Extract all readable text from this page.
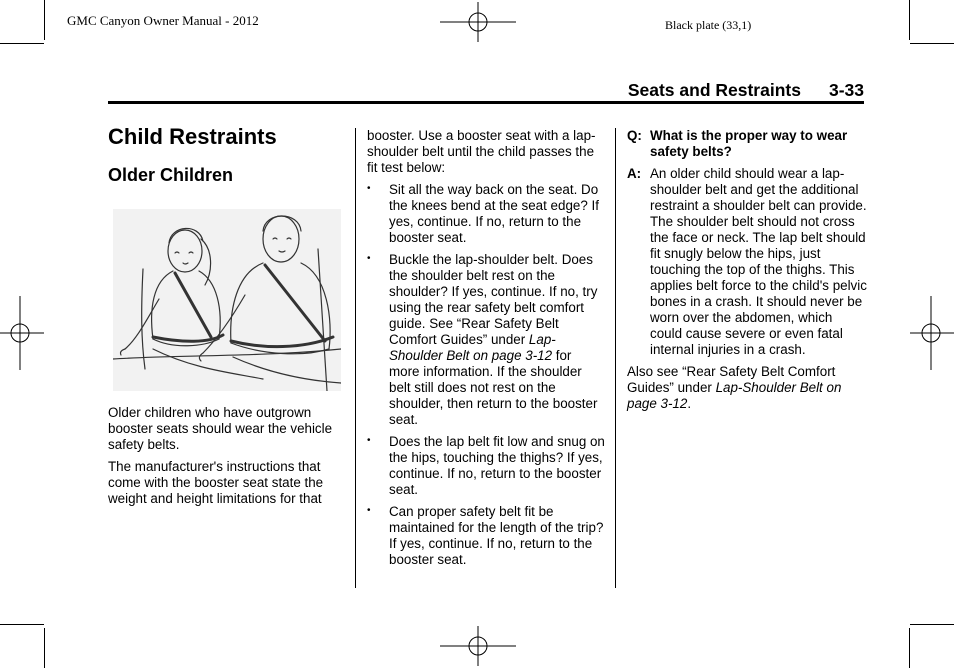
GMC Canyon Owner Manual - 2012	Black plate (33,1)
Seats and Restraints 3-33
Child Restraints
Older Children

Older children who have outgrown booster seats should wear the vehicle safety belts.

The manufacturer's instructions that come with the booster seat state the weight and height limitations for that

booster. Use a booster seat with a lap-shoulder belt until the child passes the fit test below:

• Sit all the way back on the seat. Do the knees bend at the seat edge? If yes, continue. If no, return to the booster seat.
• Buckle the lap-shoulder belt. Does the shoulder belt rest on the shoulder? If yes, continue. If no, try using the rear safety belt comfort guide. See “Rear Safety Belt Comfort Guides” under Lap-Shoulder Belt on page 3-12 for more information. If the shoulder belt still does not rest on the shoulder, then return to the booster seat.
• Does the lap belt fit low and snug on the hips, touching the thighs? If yes, continue. If no, return to the booster seat.
• Can proper safety belt fit be maintained for the length of the trip? If yes, continue. If no, return to the booster seat.
Q: What is the proper way to wear safety belts?
A: An older child should wear a lap-shoulder belt and get the additional restraint a shoulder belt can provide. The shoulder belt should not cross the face or neck. The lap belt should fit snugly below the hips, just touching the top of the thighs. This applies belt force to the child's pelvic bones in a crash. It should never be worn over the abdomen, which could cause severe or even fatal internal injuries in a crash.

Also see “Rear Safety Belt Comfort Guides” under Lap-Shoulder Belt on page 3-12.
